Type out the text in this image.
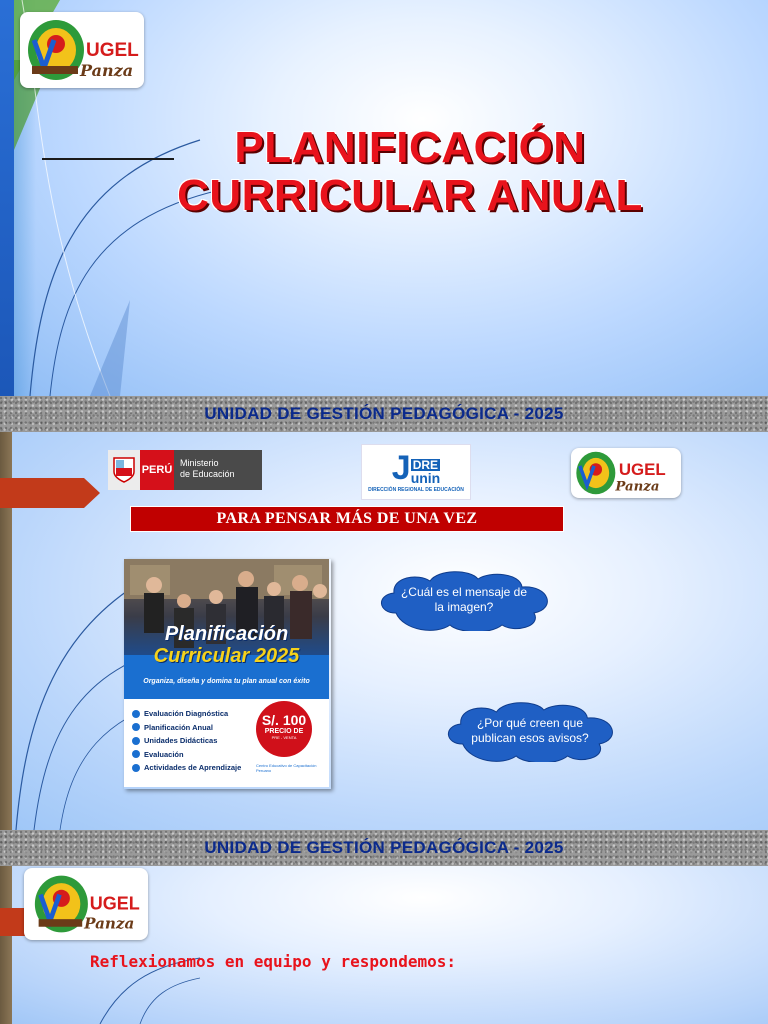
UGEL
Panza
PLANIFICACIÓN
CURRICULAR ANUAL
UNIDAD DE GESTIÓN PEDAGÓGICA - 2025
PERÚ
Ministerio
de Educación	J DRE
unin
DIRECCIÓN REGIONAL DE EDUCACIÓN
UGEL
Panza
PARA PENSAR MÁS DE UNA VEZ
Planificación
Curricular 2025
Organiza, diseña y domina tu plan anual con éxito
Evaluación Diagnóstica
Planificación Anual
Unidades Didácticas
Evaluación
Actividades de Aprendizaje
S/. 100
PRECIO DE
PRE - VENTA
Centro Educativo de Capacitación Peruano
¿Cuál es el mensaje de la imagen?
¿Por qué creen que publican esos avisos?
UNIDAD DE GESTIÓN PEDAGÓGICA - 2025
UGEL
Panza
Reflexionamos en equipo y respondemos:
